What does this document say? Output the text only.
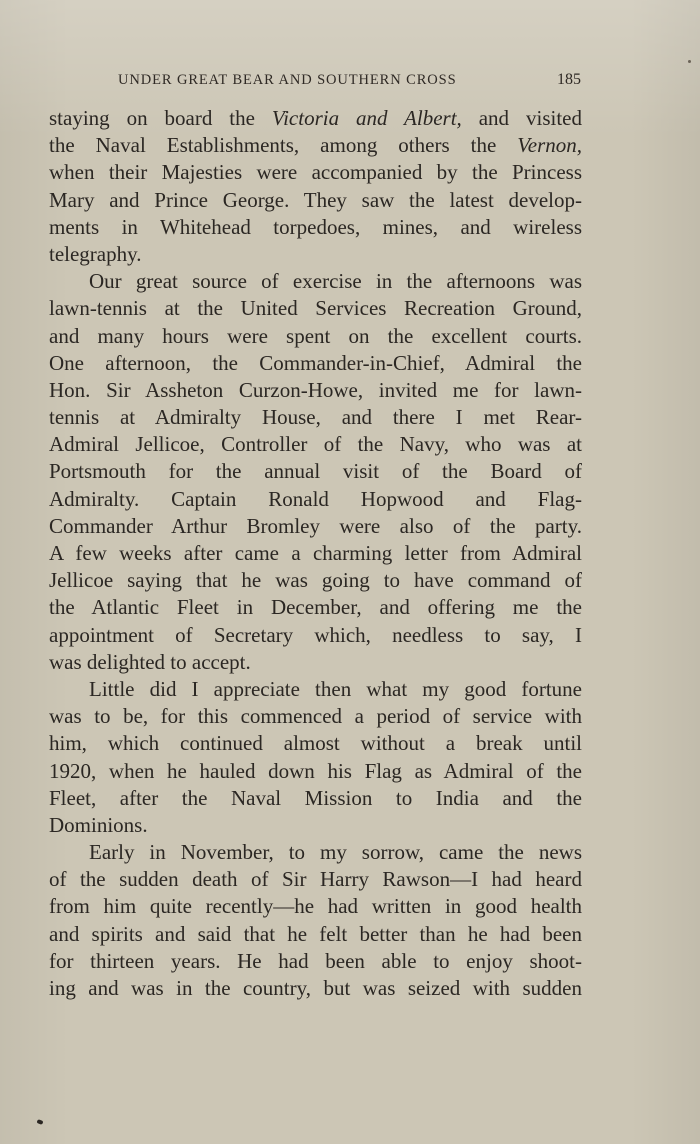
UNDER GREAT BEAR AND SOUTHERN CROSS	185
staying on board the Victoria and Albert, and visited
the Naval Establishments, among others the Vernon,
when their Majesties were accompanied by the Princess
Mary and Prince George. They saw the latest develop-
ments in Whitehead torpedoes, mines, and wireless
telegraphy.
Our great source of exercise in the afternoons was
lawn-tennis at the United Services Recreation Ground,
and many hours were spent on the excellent courts.
One afternoon, the Commander-in-Chief, Admiral the
Hon. Sir Assheton Curzon-Howe, invited me for lawn-
tennis at Admiralty House, and there I met Rear-
Admiral Jellicoe, Controller of the Navy, who was at
Portsmouth for the annual visit of the Board of
Admiralty. Captain Ronald Hopwood and Flag-
Commander Arthur Bromley were also of the party.
A few weeks after came a charming letter from Admiral
Jellicoe saying that he was going to have command of
the Atlantic Fleet in December, and offering me the
appointment of Secretary which, needless to say, I
was delighted to accept.
Little did I appreciate then what my good fortune
was to be, for this commenced a period of service with
him, which continued almost without a break until
1920, when he hauled down his Flag as Admiral of the
Fleet, after the Naval Mission to India and the
Dominions.
Early in November, to my sorrow, came the news
of the sudden death of Sir Harry Rawson—I had heard
from him quite recently—he had written in good health
and spirits and said that he felt better than he had been
for thirteen years. He had been able to enjoy shoot-
ing and was in the country, but was seized with sudden
